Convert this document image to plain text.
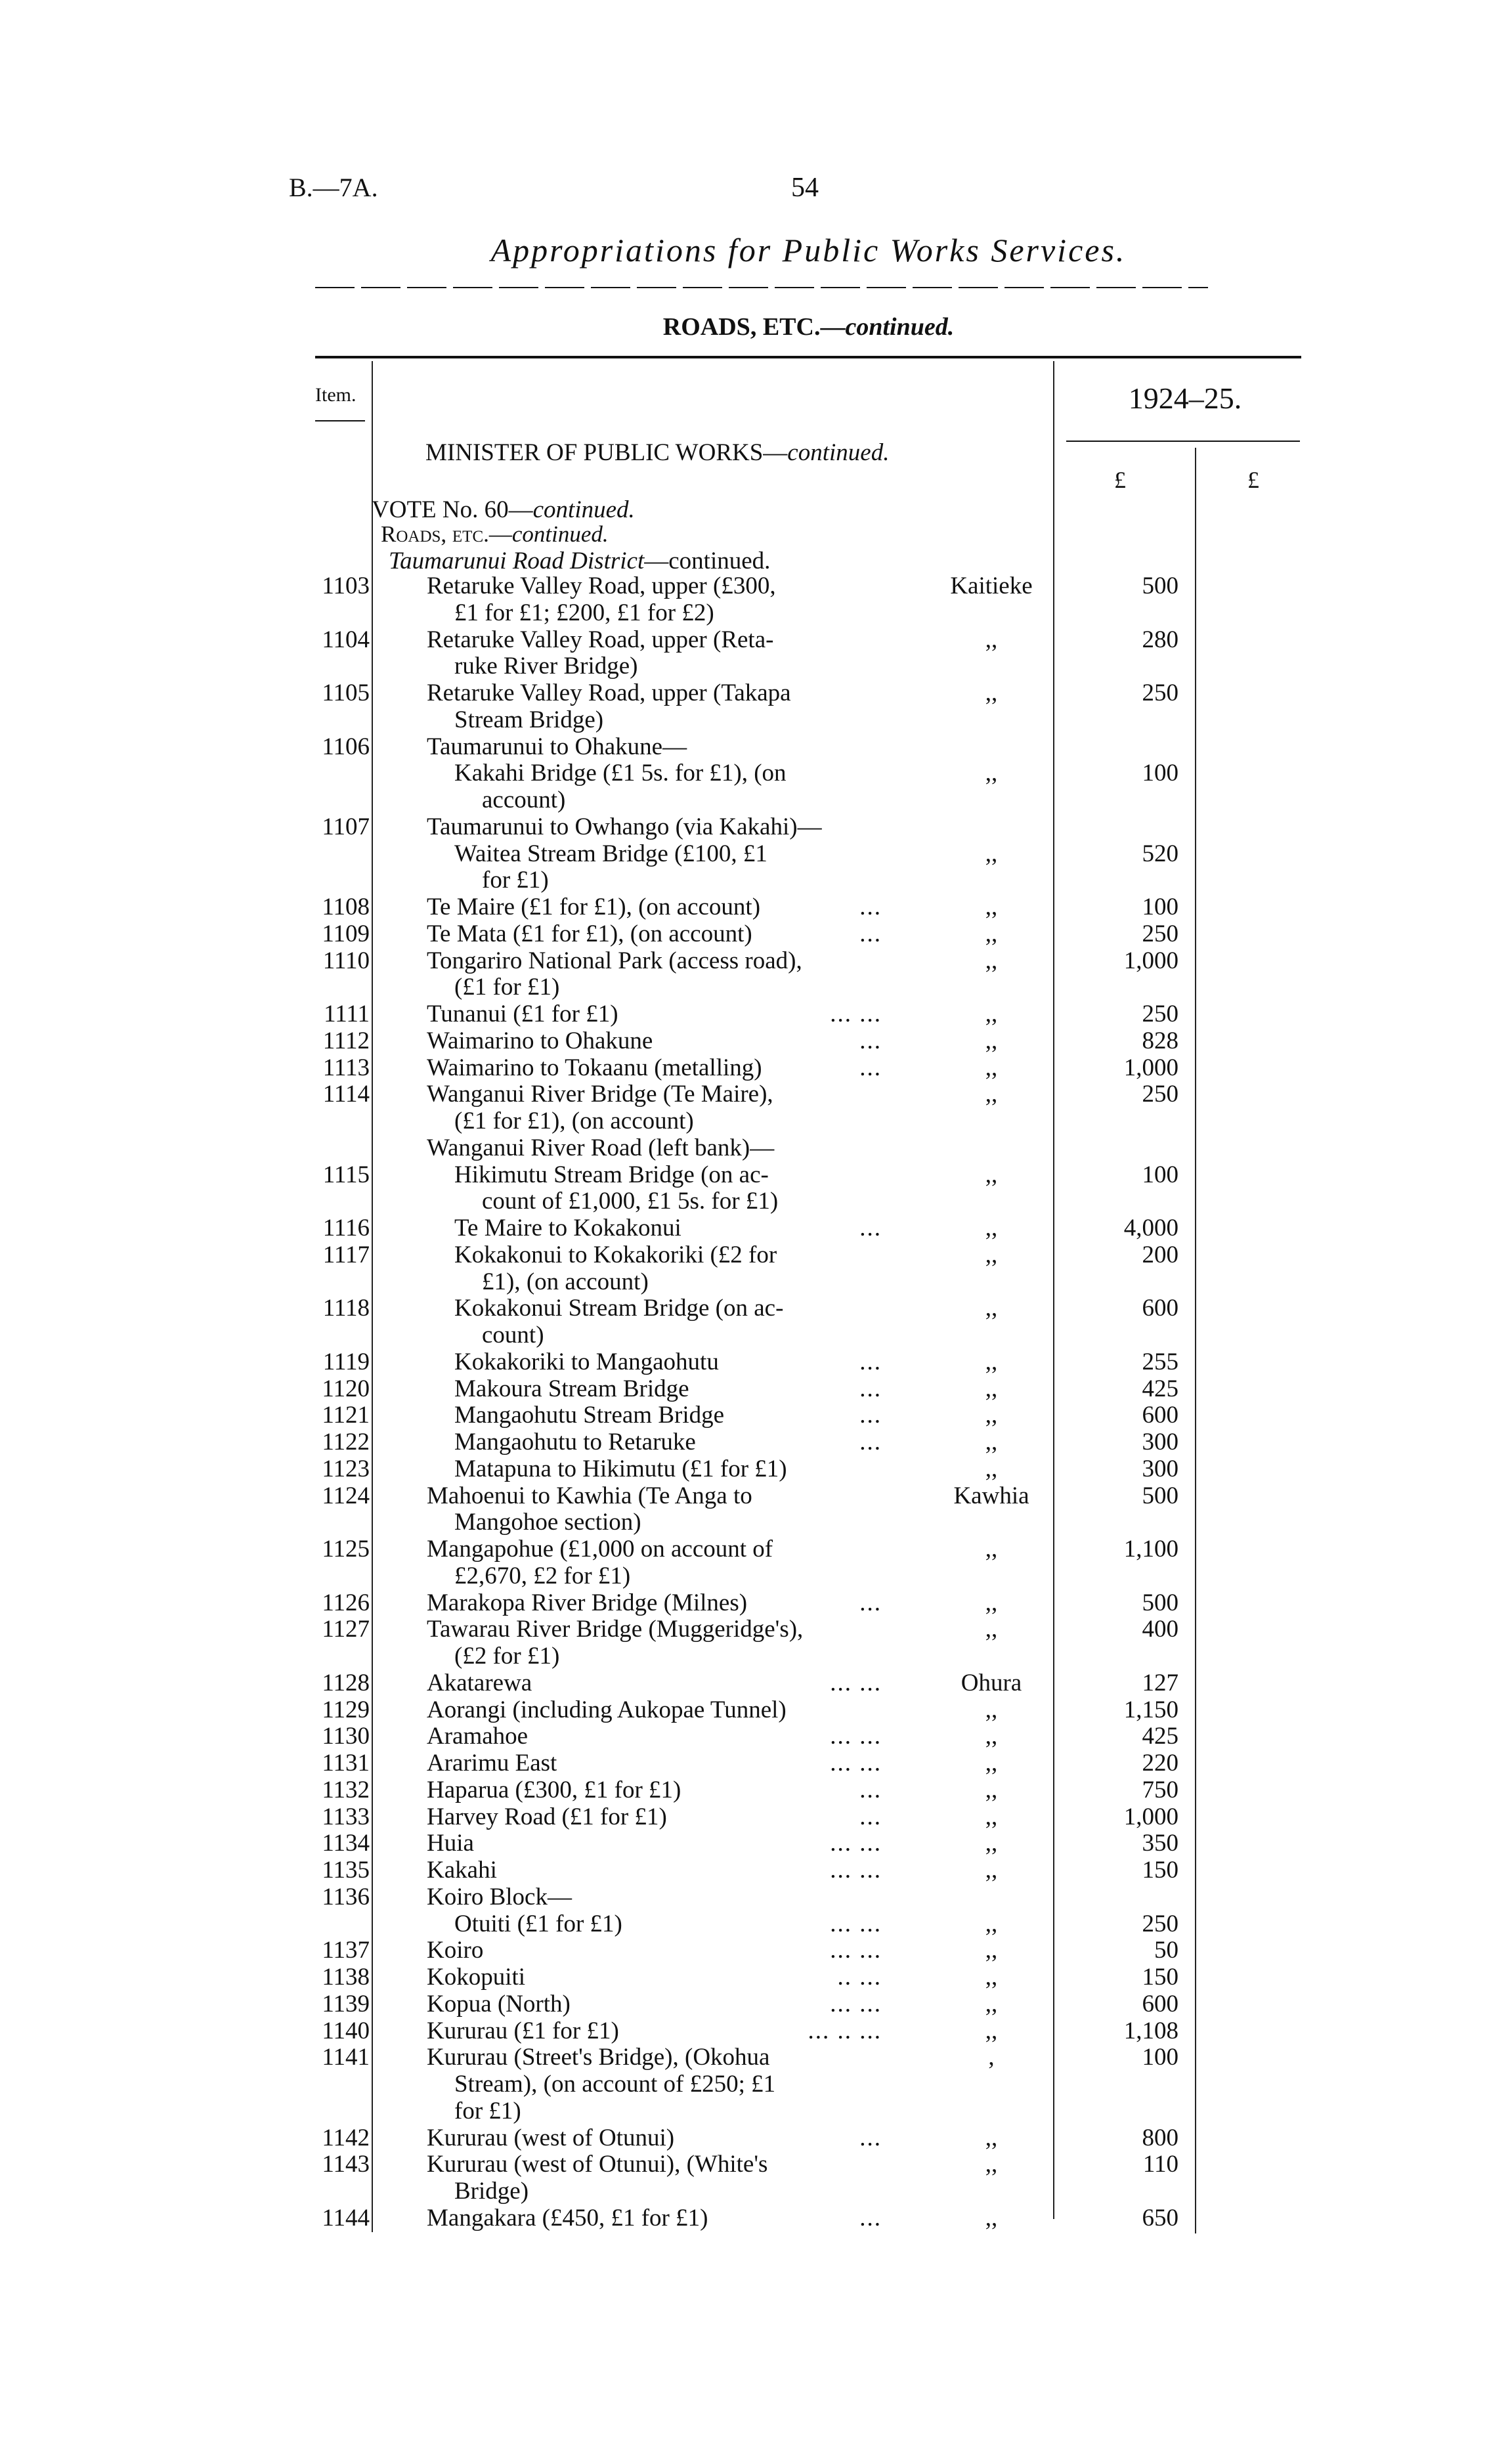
B.—7A.	54
Appropriations for Public Works Services.
ROADS, ETC.—continued.
Item.	1924–25.
£	£
MINISTER OF PUBLIC WORKS—continued.
VOTE No. 60—continued.
Roads, etc.—continued.
Taumarunui Road District—continued.
1103 Retaruke Valley Road, upper (£300,	Kaitieke	500
£1 for £1; £200, £1 for £2)
1104 Retaruke Valley Road, upper (Reta-	,,	280
ruke River Bridge)
1105 Retaruke Valley Road, upper (Takapa	,,	250
Stream Bridge)
1106 Taumarunui to Ohakune—
Kakahi Bridge (£1 5s. for £1), (on	,,	100
account)
1107 Taumarunui to Owhango (via Kakahi)—
Waitea Stream Bridge (£100, £1	,,	520
for £1)
1108 Te Maire (£1 for £1), (on account)	...	,,	100
1109 Te Mata (£1 for £1), (on account)	...	,,	250
1110 Tongariro National Park (access road),	,,	1,000
(£1 for £1)
1111 Tunanui (£1 for £1)	... ...	,,	250
1112 Waimarino to Ohakune	...	,,	828
1113 Waimarino to Tokaanu (metalling)	...	,,	1,000
1114 Wanganui River Bridge (Te Maire),	,,	250
(£1 for £1), (on account)
Wanganui River Road (left bank)—
1115	Hikimutu Stream Bridge (on ac-	,,	100
count of £1,000, £1 5s. for £1)
1116	Te Maire to Kokakonui	...	,,	4,000
1117	Kokakonui to Kokakoriki (£2 for	,,	200
£1), (on account)
1118	Kokakonui Stream Bridge (on ac-	,,	600
count)
1119	Kokakoriki to Mangaohutu	...	,,	255
1120	Makoura Stream Bridge	...	,,	425
1121	Mangaohutu Stream Bridge	...	,,	600
1122	Mangaohutu to Retaruke	...	,,	300
1123	Matapuna to Hikimutu (£1 for £1)	,,	300
1124 Mahoenui to Kawhia (Te Anga to	Kawhia	500
Mangohoe section)
1125 Mangapohue (£1,000 on account of	,,	1,100
£2,670, £2 for £1)
1126 Marakopa River Bridge (Milnes)	...	,,	500
1127 Tawarau River Bridge (Muggeridge's),	,,	400
(£2 for £1)
1128 Akatarewa	... ...	Ohura	127
1129 Aorangi (including Aukopae Tunnel)	,,	1,150
1130 Aramahoe	... ...	,,	425
1131 Ararimu East	... ...	,,	220
1132 Haparua (£300, £1 for £1)	...	,,	750
1133 Harvey Road (£1 for £1)	...	,,	1,000
1134 Huia	... ...	,,	350
1135 Kakahi	... ...	,,	150
1136 Koiro Block—
Otuiti (£1 for £1)	... ...	,,	250
1137 Koiro	... ...	,,	50
1138 Kokopuiti	.. ...	,,	150
1139 Kopua (North)	... ...	,,	600
1140 Kururau (£1 for £1)	... .. ...	,,	1,108
1141 Kururau (Street's Bridge), (Okohua	,	100
Stream), (on account of £250; £1
for £1)
1142 Kururau (west of Otunui)	...	,,	800
1143 Kururau (west of Otunui), (White's	,,	110
Bridge)
1144 Mangakara (£450, £1 for £1)	...	,,	650
